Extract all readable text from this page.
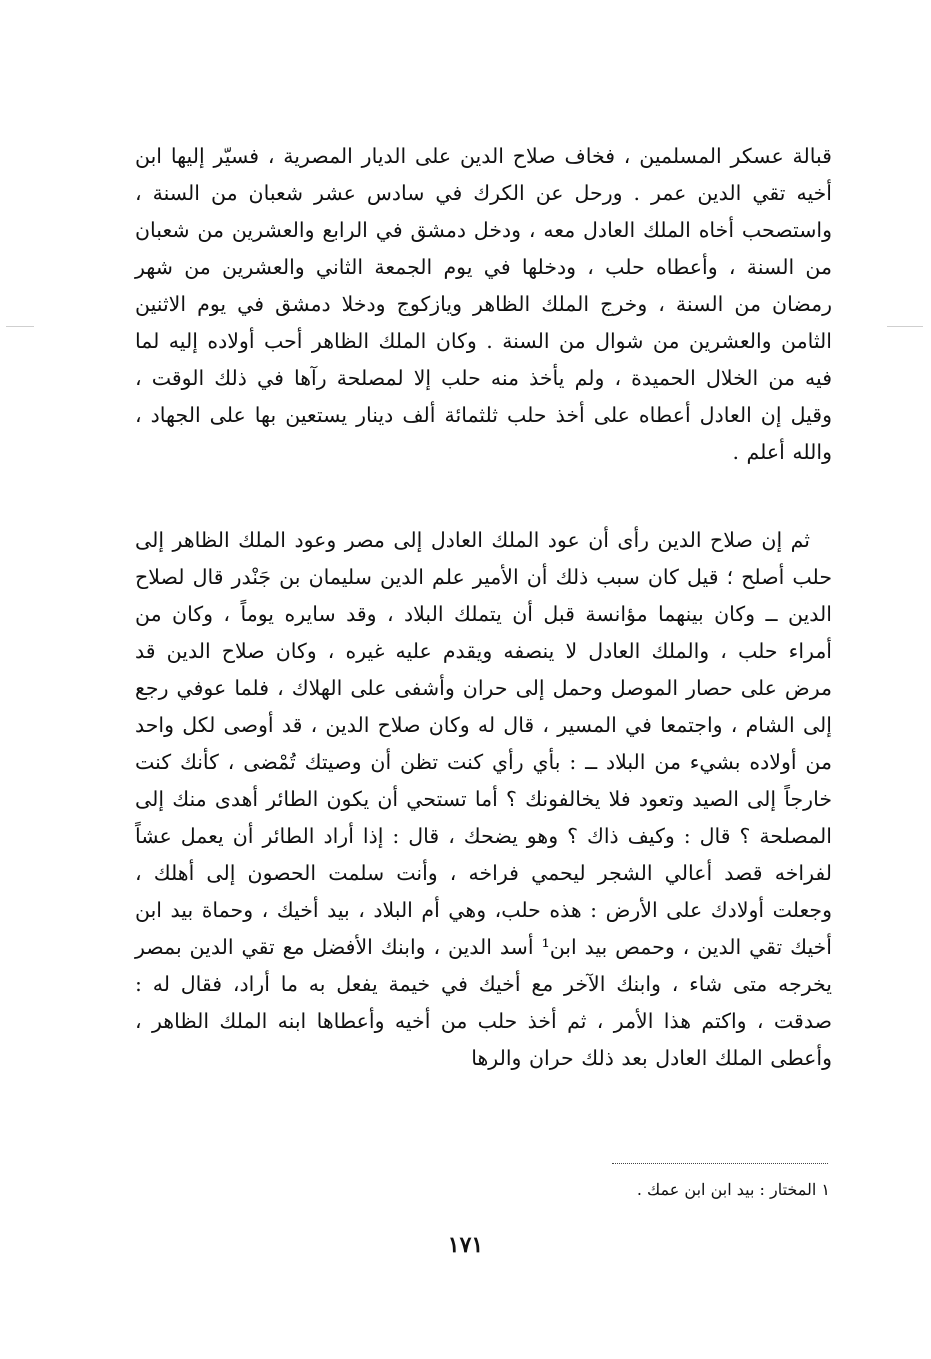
قبالة عسكر المسلمين ، فخاف صلاح الدين على الديار المصرية ، فسيّر إليها ابن أخيه تقي الدين عمر . ورحل عن الكرك في سادس عشر شعبان من السنة ، واستصحب أخاه الملك العادل معه ، ودخل دمشق في الرابع والعشرين من شعبان من السنة ، وأعطاه حلب ، ودخلها في يوم الجمعة الثاني والعشرين من شهر رمضان من السنة ، وخرج الملك الظاهر ويازكوج ودخلا دمشق في يوم الاثنين الثامن والعشرين من شوال من السنة . وكان الملك الظاهر أحب أولاده إليه لما فيه من الخلال الحميدة ، ولم يأخذ منه حلب إلا لمصلحة رآها في ذلك الوقت ، وقيل إن العادل أعطاه على أخذ حلب ثلثمائة ألف دينار يستعين بها على الجهاد ، والله أعلم .

ثم إن صلاح الدين رأى أن عود الملك العادل إلى مصر وعود الملك الظاهر إلى حلب أصلح ؛ قيل كان سبب ذلك أن الأمير علم الدين سليمان بن جَنْدر قال لصلاح الدين ــ وكان بينهما مؤانسة قبل أن يتملك البلاد ، وقد سايره يوماً ، وكان من أمراء حلب ، والملك العادل لا ينصفه ويقدم عليه غيره ، وكان صلاح الدين قد مرض على حصار الموصل وحمل إلى حران وأشفى على الهلاك ، فلما عوفي رجع إلى الشام ، واجتمعا في المسير ، قال له وكان صلاح الدين ، قد أوصى لكل واحد من أولاده بشيء من البلاد ــ : بأي رأي كنت تظن أن وصيتك تُمْضى ، كأنك كنت خارجاً إلى الصيد وتعود فلا يخالفونك ؟ أما تستحي أن يكون الطائر أهدى منك إلى المصلحة ؟ قال : وكيف ذاك ؟ وهو يضحك ، قال : إذا أراد الطائر أن يعمل عشاً لفراخه قصد أعالي الشجر ليحمي فراخه ، وأنت سلمت الحصون إلى أهلك ، وجعلت أولادك على الأرض : هذه حلب، وهي أم البلاد ، بيد أخيك ، وحماة بيد ابن أخيك تقي الدين ، وحمص بيد ابن¹ أسد الدين ، وابنك الأفضل مع تقي الدين بمصر يخرجه متى شاء ، وابنك الآخر مع أخيك في خيمة يفعل به ما أراد، فقال له : صدقت ، واكتم هذا الأمر ، ثم أخذ حلب من أخيه وأعطاها ابنه الملك الظاهر ، وأعطى الملك العادل بعد ذلك حران والرها

١ المختار : بيد ابن ابن عمك .
١٧١
